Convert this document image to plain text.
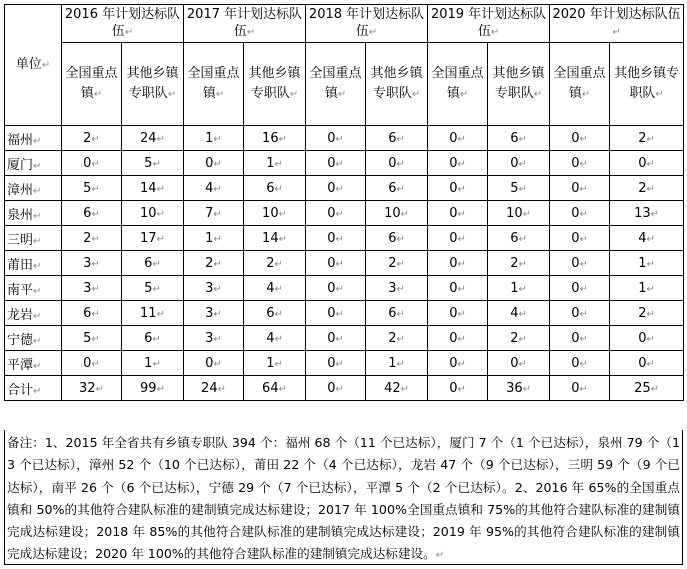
单位↵	2016 年计划达标队伍↵		2017 年计划达标队伍↵		2018 年计划达标队伍↵		2019 年计划达标队伍↵		2020 年计划达标队伍↵	
	全国重点镇↵	其他乡镇专职队↵	全国重点镇↵	其他乡镇专职队↵	全国重点镇↵	其他乡镇专职队↵	全国重点镇↵	其他乡镇专职队↵	全国重点镇↵	其他乡镇专职队↵
福州↵	2↵	24↵	1↵	16↵	0↵	6↵	0↵	6↵	0↵	2↵
厦门↵	0↵	5↵	0↵	1↵	0↵	0↵	0↵	0↵	0↵	0↵
漳州↵	5↵	14↵	4↵	6↵	0↵	6↵	0↵	5↵	0↵	2↵
泉州↵	6↵	10↵	7↵	10↵	0↵	10↵	0↵	10↵	0↵	13↵
三明↵	2↵	17↵	1↵	14↵	0↵	6↵	0↵	6↵	0↵	4↵
莆田↵	3↵	6↵	2↵	2↵	0↵	2↵	0↵	2↵	0↵	1↵
南平↵	3↵	5↵	3↵	4↵	0↵	3↵	0↵	1↵	0↵	1↵
龙岩↵	6↵	11↵	3↵	6↵	0↵	6↵	0↵	4↵	0↵	2↵
宁德↵	5↵	6↵	3↵	4↵	0↵	2↵	0↵	2↵	0↵	0↵
平潭↵	0↵	1↵	0↵	1↵	0↵	1↵	0↵	0↵	0↵	0↵
合计↵	32↵	99↵	24↵	64↵	0↵	42↵	0↵	36↵	0↵	25↵
备注：1、2015 年全省共有乡镇专职队 394 个：福州 68 个（11 个已达标），厦门 7 个（1 个已达标），泉州 79 个（13 个已达标），漳州 52 个（10 个已达标），莆田 22 个（4 个已达标），龙岩 47 个（9 个已达标），三明 59 个（9 个已达标），南平 26 个（6 个已达标），宁德 29 个（7 个已达标），平潭 5 个（2 个已达标）。2、2016 年 65%的全国重点镇和 50%的其他符合建队标准的建制镇完成达标建设；2017 年 100%全国重点镇和 75%的其他符合建队标准的建制镇完成达标建设；2018 年 85%的其他符合建队标准的建制镇完成达标建设；2019 年 95%的其他符合建队标准的建制镇完成达标建设；2020 年 100%的其他符合建队标准的建制镇完成达标建设。↵
